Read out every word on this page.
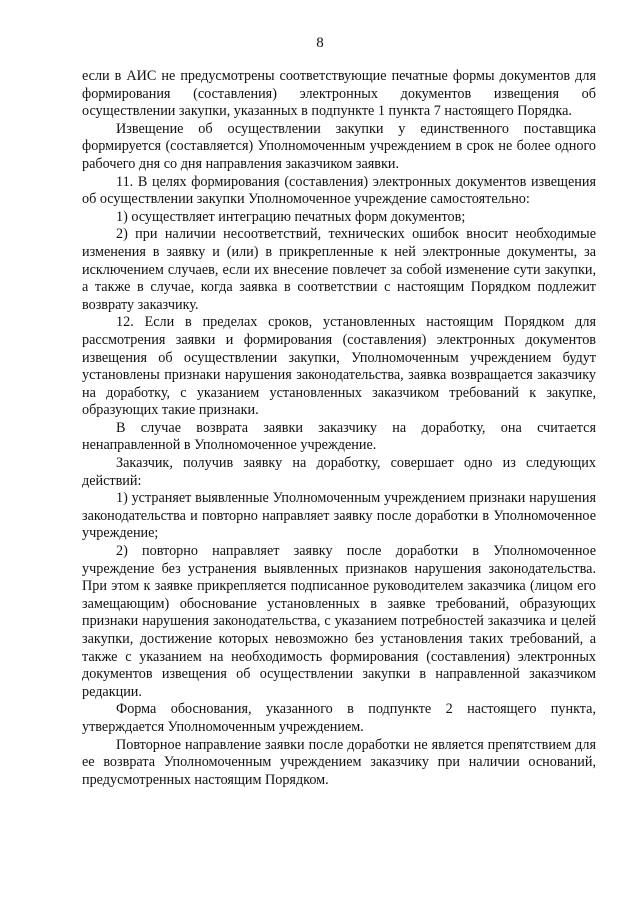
8

если в АИС не предусмотрены соответствующие печатные формы документов для формирования (составления) электронных документов извещения об осуществлении закупки, указанных в подпункте 1 пункта 7 настоящего Порядка.

Извещение об осуществлении закупки у единственного поставщика формируется (составляется) Уполномоченным учреждением в срок не более одного рабочего дня со дня направления заказчиком заявки.

11. В целях формирования (составления) электронных документов извещения об осуществлении закупки Уполномоченное учреждение самостоятельно:

1) осуществляет интеграцию печатных форм документов;

2) при наличии несоответствий, технических ошибок вносит необходимые изменения в заявку и (или) в прикрепленные к ней электронные документы, за исключением случаев, если их внесение повлечет за собой изменение сути закупки, а также в случае, когда заявка в соответствии с настоящим Порядком подлежит возврату заказчику.

12. Если в пределах сроков, установленных настоящим Порядком для рассмотрения заявки и формирования (составления) электронных документов извещения об осуществлении закупки, Уполномоченным учреждением будут установлены признаки нарушения законодательства, заявка возвращается заказчику на доработку, с указанием установленных заказчиком требований к закупке, образующих такие признаки.

В случае возврата заявки заказчику на доработку, она считается ненаправленной в Уполномоченное учреждение.

Заказчик, получив заявку на доработку, совершает одно из следующих действий:

1) устраняет выявленные Уполномоченным учреждением признаки нарушения законодательства и повторно направляет заявку после доработки в Уполномоченное учреждение;

2) повторно направляет заявку после доработки в Уполномоченное учреждение без устранения выявленных признаков нарушения законодательства. При этом к заявке прикрепляется подписанное руководителем заказчика (лицом его замещающим) обоснование установленных в заявке требований, образующих признаки нарушения законодательства, с указанием потребностей заказчика и целей закупки, достижение которых невозможно без установления таких требований, а также с указанием на необходимость формирования (составления) электронных документов извещения об осуществлении закупки в направленной заказчиком редакции.

Форма обоснования, указанного в подпункте 2 настоящего пункта, утверждается Уполномоченным учреждением.

Повторное направление заявки после доработки не является препятствием для ее возврата Уполномоченным учреждением заказчику при наличии оснований, предусмотренных настоящим Порядком.
